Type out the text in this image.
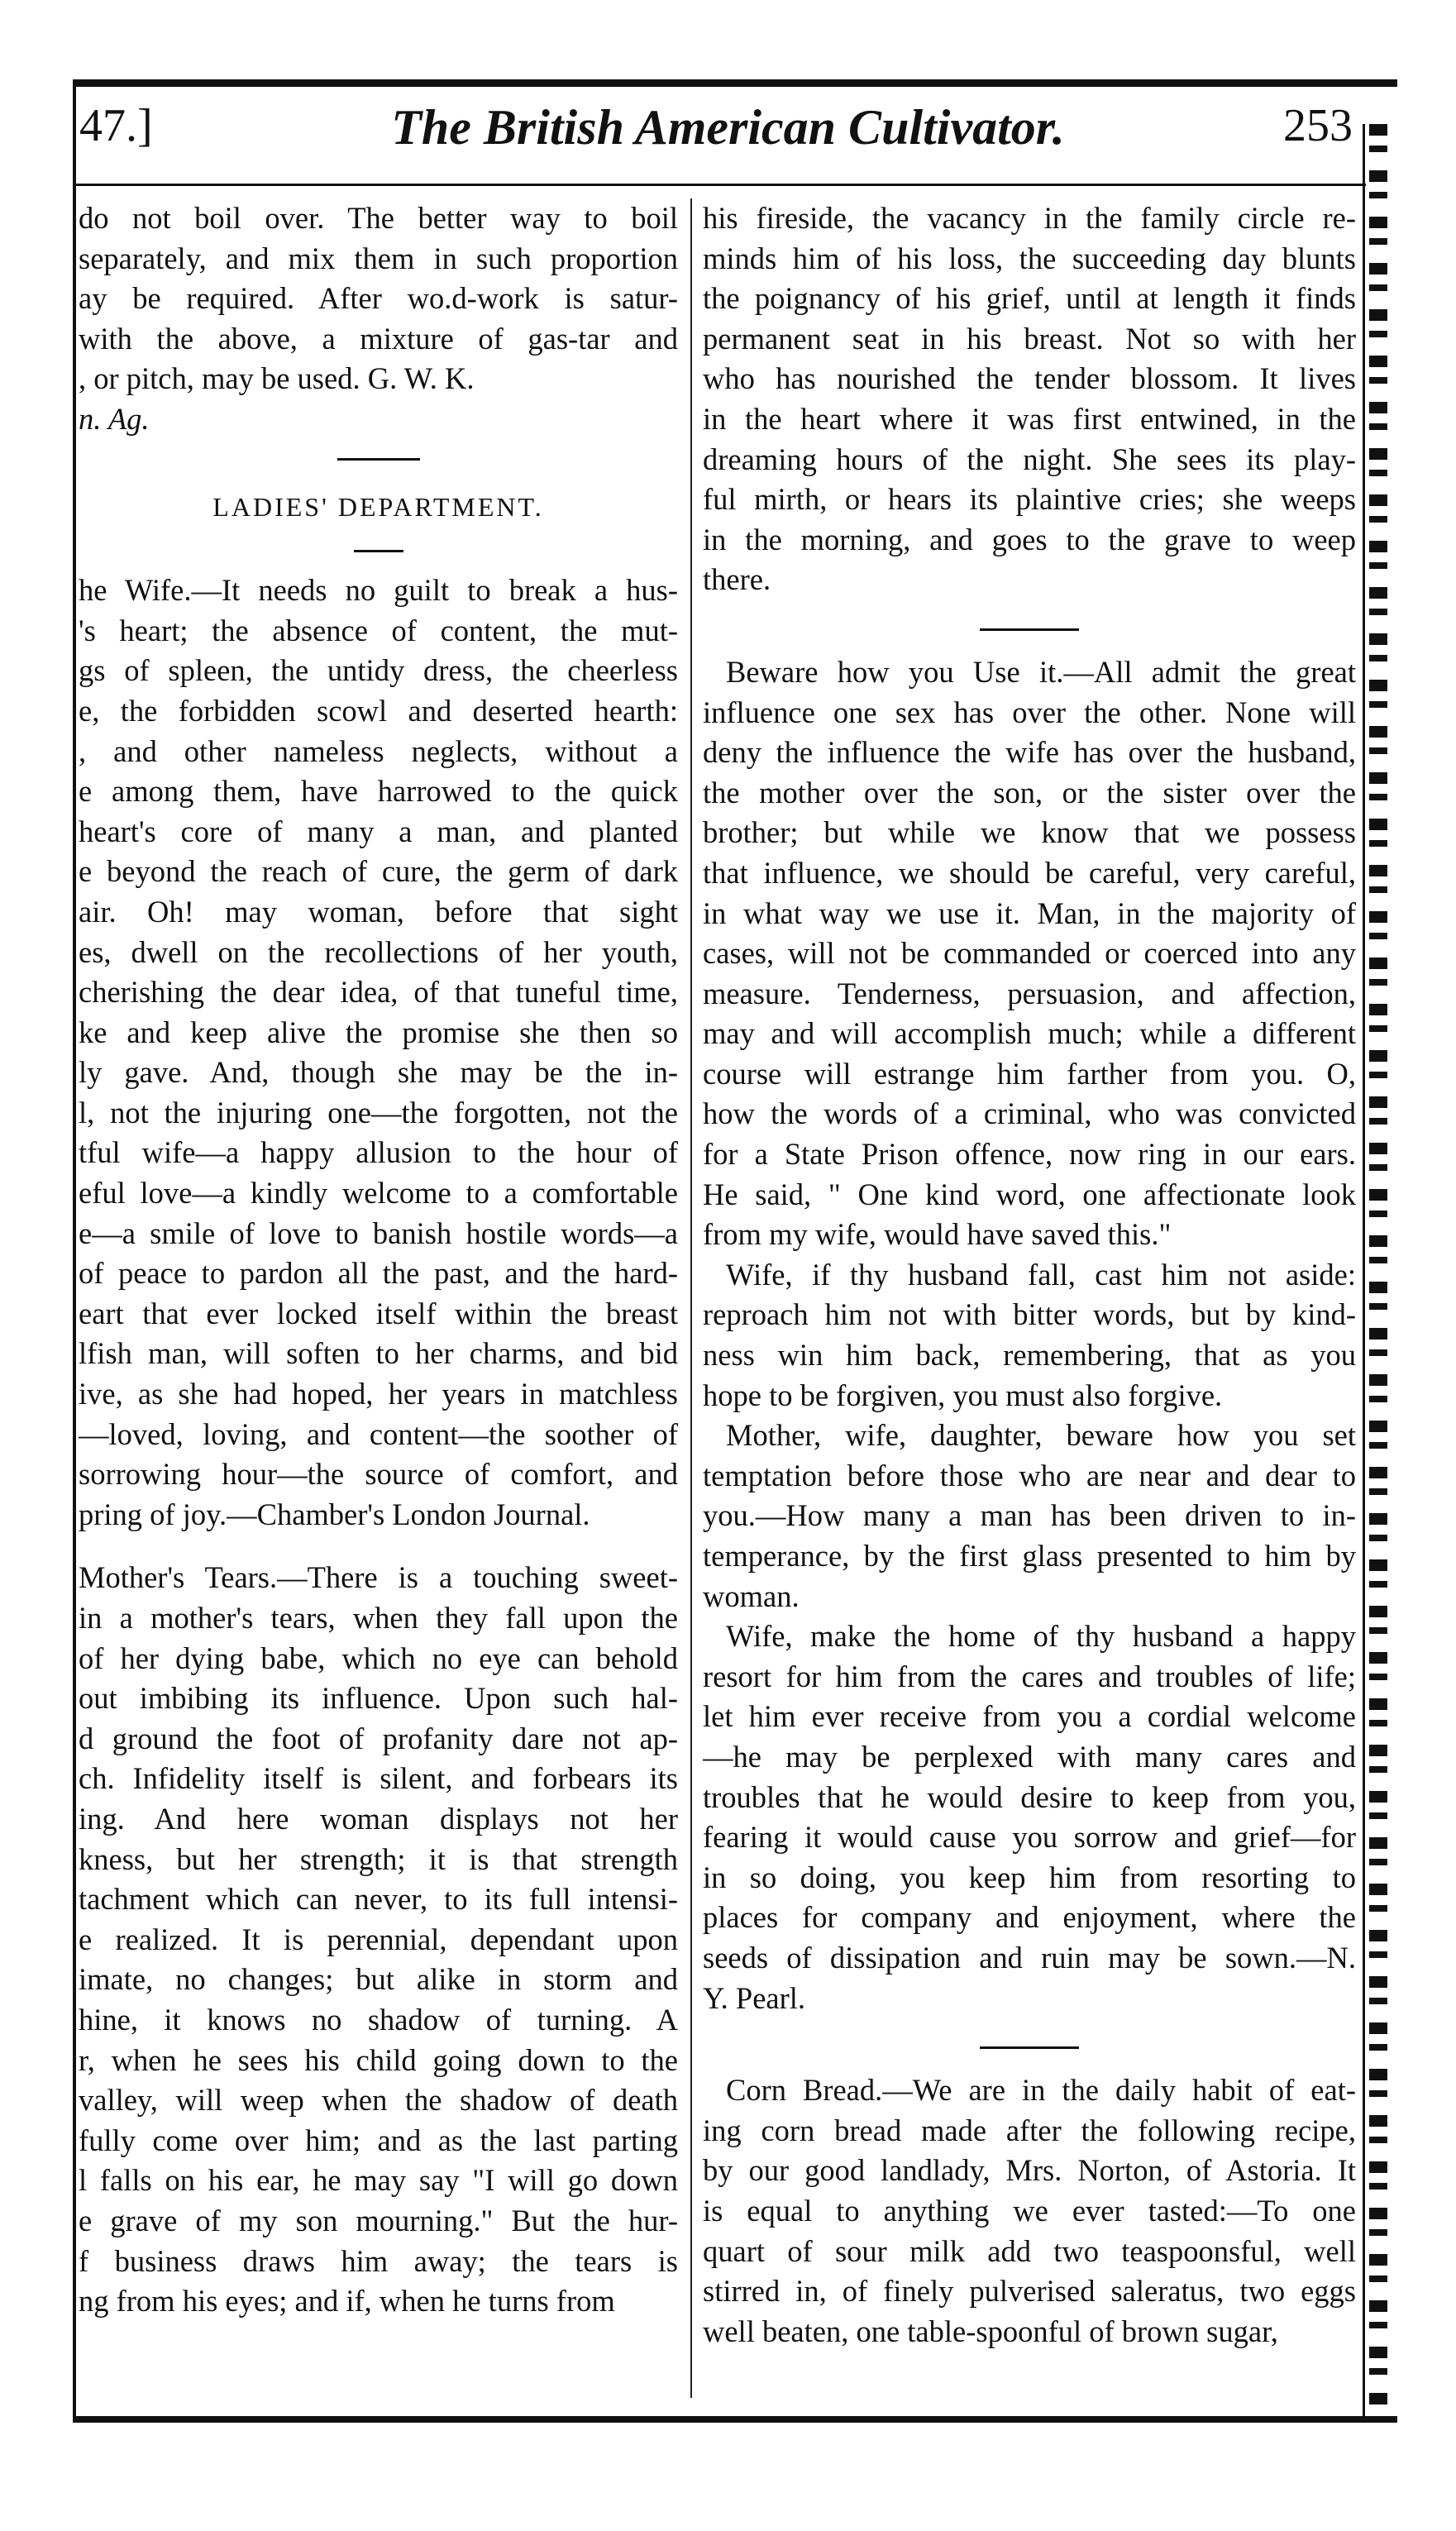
47.]	The British American Cultivator.	253
do not boil over. The better way to boil
separately, and mix them in such proportion
ay be required. After wo.d-work is satur-
with the above, a mixture of gas-tar and
, or pitch, may be used. G. W. K.
n. Ag.
LADIES' DEPARTMENT.
he Wife.—It needs no guilt to break a hus-
's heart; the absence of content, the mut-
gs of spleen, the untidy dress, the cheerless
e, the forbidden scowl and deserted hearth:
, and other nameless neglects, without a
e among them, have harrowed to the quick
heart's core of many a man, and planted
e beyond the reach of cure, the germ of dark
air. Oh! may woman, before that sight
es, dwell on the recollections of her youth,
cherishing the dear idea, of that tuneful time,
ke and keep alive the promise she then so
ly gave. And, though she may be the in-
l, not the injuring one—the forgotten, not the
tful wife—a happy allusion to the hour of
eful love—a kindly welcome to a comfortable
e—a smile of love to banish hostile words—a
of peace to pardon all the past, and the hard-
eart that ever locked itself within the breast
lfish man, will soften to her charms, and bid
ive, as she had hoped, her years in matchless
—loved, loving, and content—the soother of
sorrowing hour—the source of comfort, and
pring of joy.—Chamber's London Journal.
Mother's Tears.—There is a touching sweet-
in a mother's tears, when they fall upon the
of her dying babe, which no eye can behold
out imbibing its influence. Upon such hal-
d ground the foot of profanity dare not ap-
ch. Infidelity itself is silent, and forbears its
ing. And here woman displays not her
kness, but her strength; it is that strength
tachment which can never, to its full intensi-
e realized. It is perennial, dependant upon
imate, no changes; but alike in storm and
hine, it knows no shadow of turning. A
r, when he sees his child going down to the
valley, will weep when the shadow of death
fully come over him; and as the last parting
l falls on his ear, he may say "I will go down
e grave of my son mourning." But the hur-
f business draws him away; the tears is
ng from his eyes; and if, when he turns from
his fireside, the vacancy in the family circle re-
minds him of his loss, the succeeding day blunts
the poignancy of his grief, until at length it finds
permanent seat in his breast. Not so with her
who has nourished the tender blossom. It lives
in the heart where it was first entwined, in the
dreaming hours of the night. She sees its play-
ful mirth, or hears its plaintive cries; she weeps
in the morning, and goes to the grave to weep
there.
Beware how you Use it.—All admit the great
influence one sex has over the other. None will
deny the influence the wife has over the husband,
the mother over the son, or the sister over the
brother; but while we know that we possess
that influence, we should be careful, very careful,
in what way we use it. Man, in the majority of
cases, will not be commanded or coerced into any
measure. Tenderness, persuasion, and affection,
may and will accomplish much; while a different
course will estrange him farther from you. O,
how the words of a criminal, who was convicted
for a State Prison offence, now ring in our ears.
He said, " One kind word, one affectionate look
from my wife, would have saved this."
Wife, if thy husband fall, cast him not aside:
reproach him not with bitter words, but by kind-
ness win him back, remembering, that as you
hope to be forgiven, you must also forgive.
Mother, wife, daughter, beware how you set
temptation before those who are near and dear to
you.—How many a man has been driven to in-
temperance, by the first glass presented to him by
woman.
Wife, make the home of thy husband a happy
resort for him from the cares and troubles of life;
let him ever receive from you a cordial welcome
—he may be perplexed with many cares and
troubles that he would desire to keep from you,
fearing it would cause you sorrow and grief—for
in so doing, you keep him from resorting to
places for company and enjoyment, where the
seeds of dissipation and ruin may be sown.—N.
Y. Pearl.
Corn Bread.—We are in the daily habit of eat-
ing corn bread made after the following recipe,
by our good landlady, Mrs. Norton, of Astoria. It
is equal to anything we ever tasted:—To one
quart of sour milk add two teaspoonsful, well
stirred in, of finely pulverised saleratus, two eggs
well beaten, one table-spoonful of brown sugar,
